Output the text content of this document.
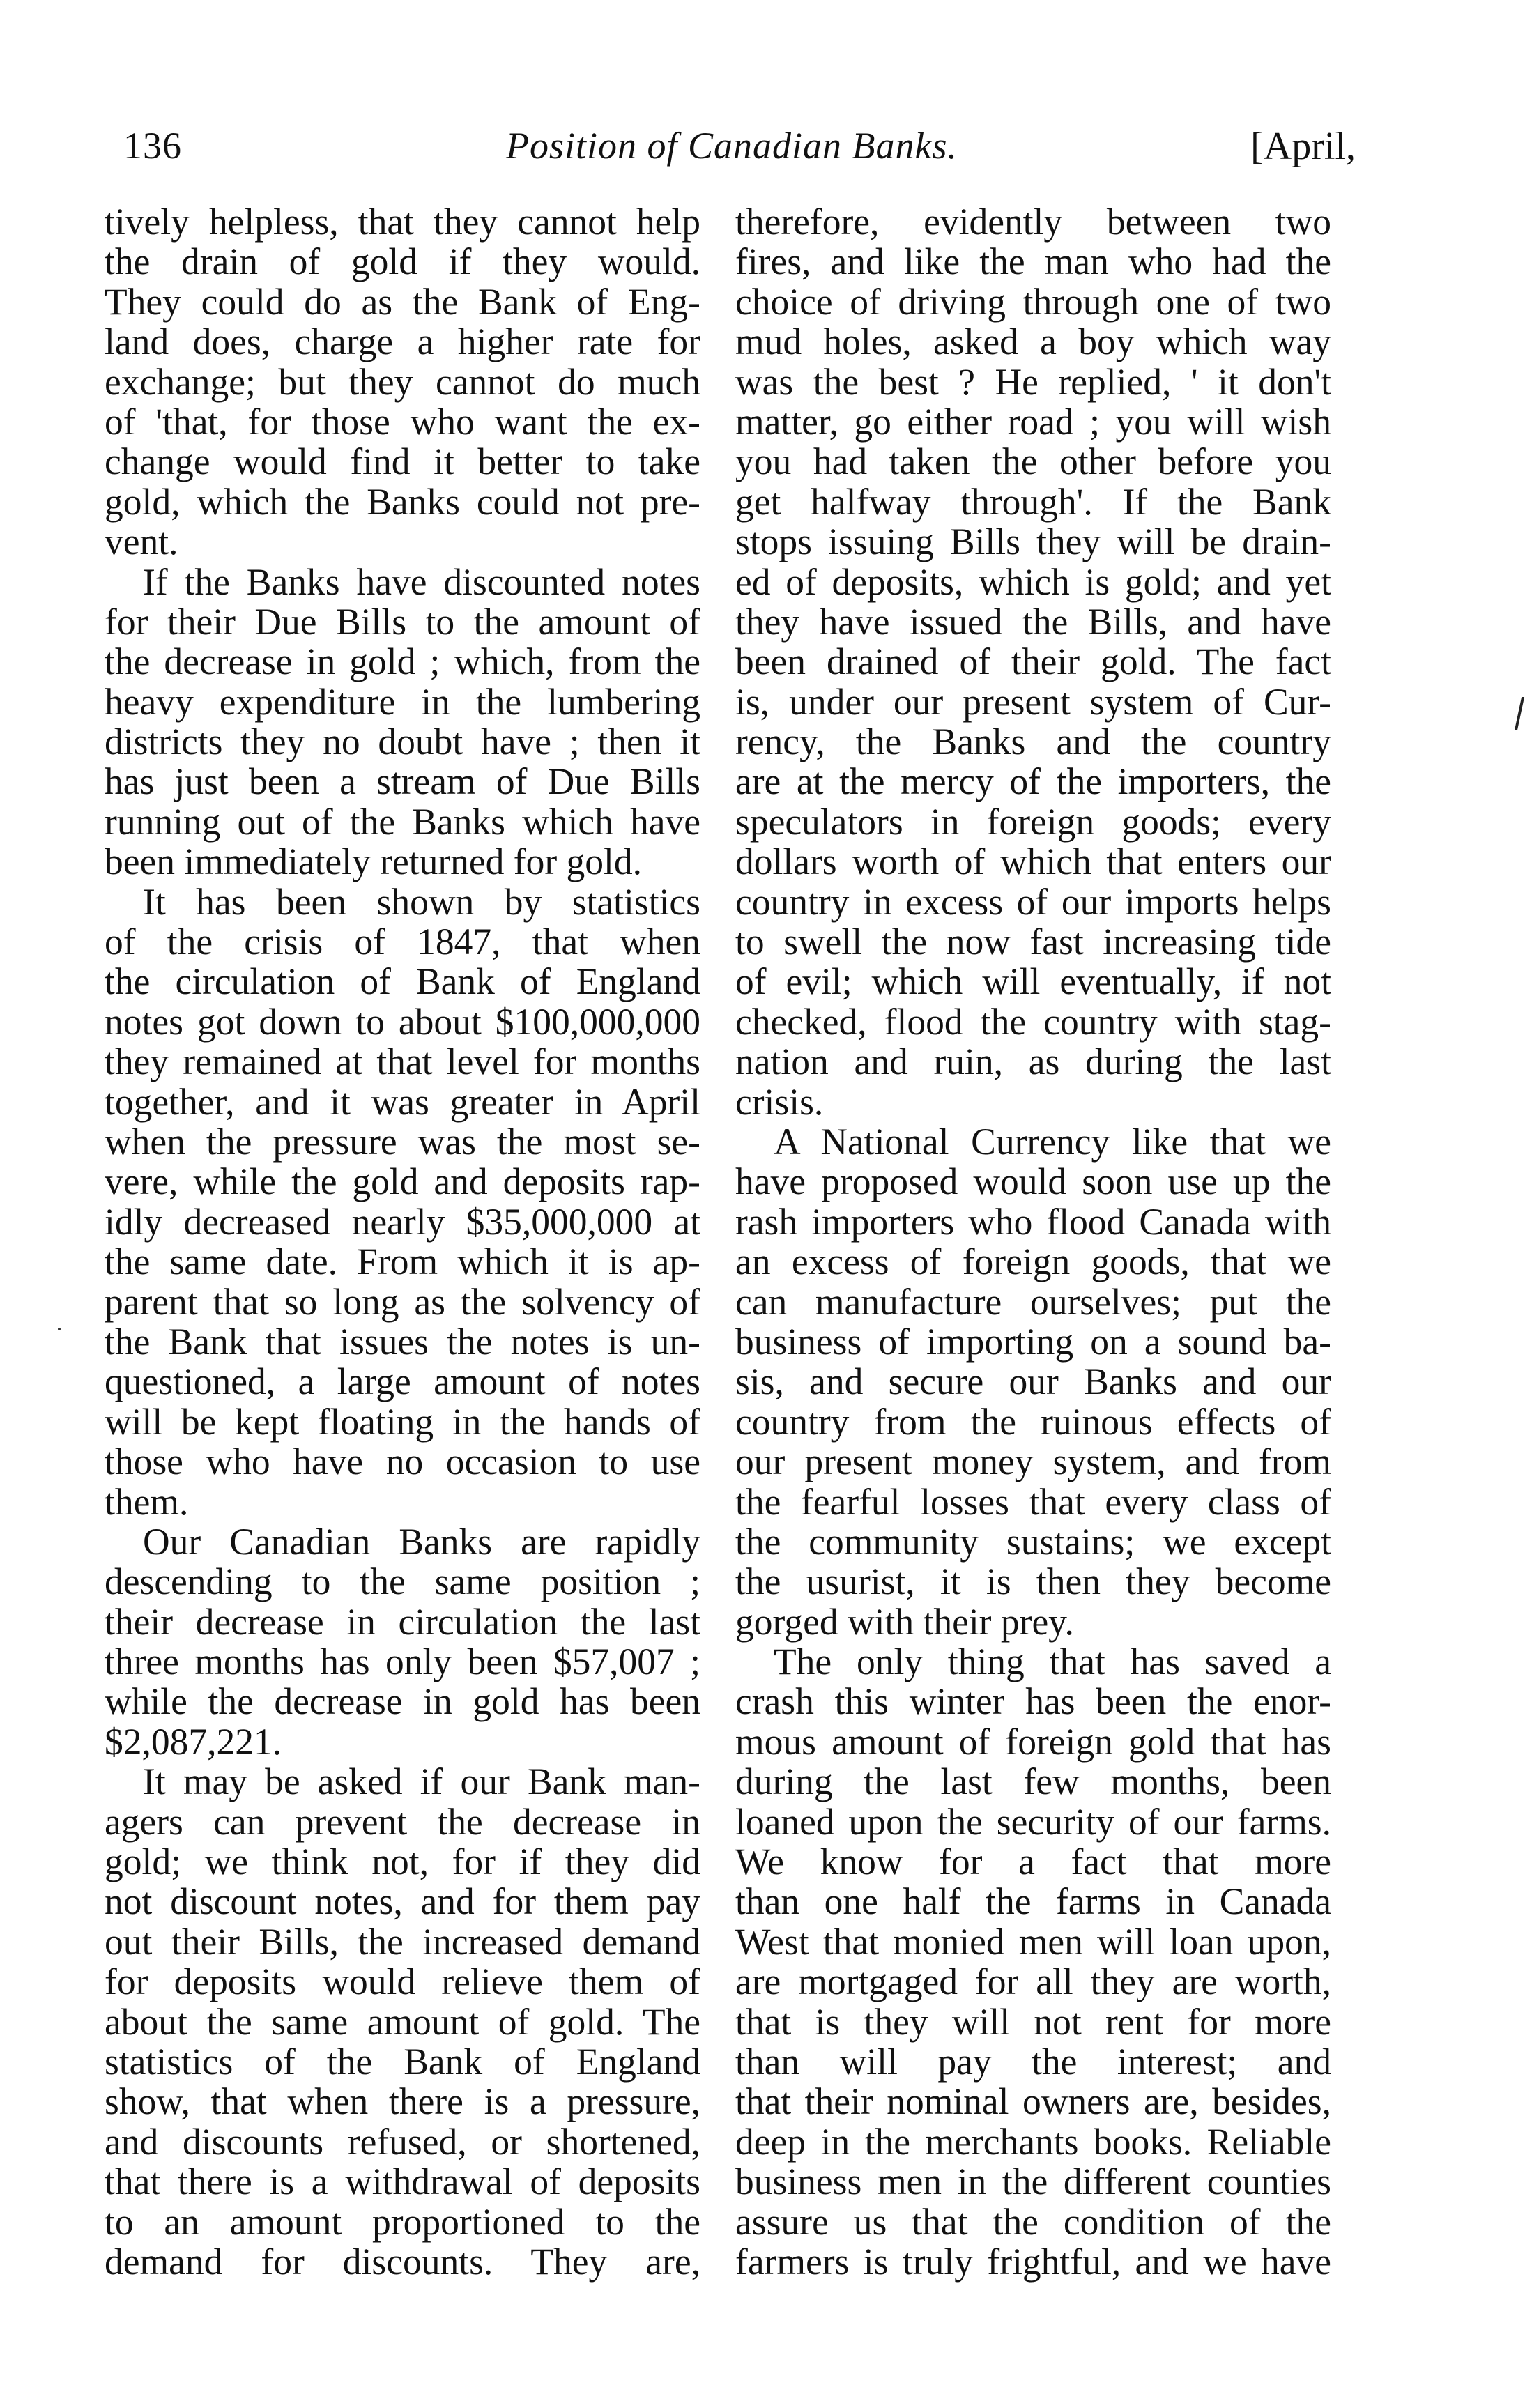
136	Position of Canadian Banks.	[April,
tively helpless, that they cannot help
the drain of gold if they would.
They could do as the Bank of Eng-
land does, charge a higher rate for
exchange; but they cannot do much
of 'that, for those who want the ex-
change would find it better to take
gold, which the Banks could not pre-
vent.
If the Banks have discounted notes
for their Due Bills to the amount of
the decrease in gold ; which, from the
heavy expenditure in the lumbering
districts they no doubt have ; then it
has just been a stream of Due Bills
running out of the Banks which have
been immediately returned for gold.
It has been shown by statistics
of the crisis of 1847, that when
the circulation of Bank of England
notes got down to about $100,000,000
they remained at that level for months
together, and it was greater in April
when the pressure was the most se-
vere, while the gold and deposits rap-
idly decreased nearly $35,000,000 at
the same date. From which it is ap-
parent that so long as the solvency of
the Bank that issues the notes is un-
questioned, a large amount of notes
will be kept floating in the hands of
those who have no occasion to use
them.
Our Canadian Banks are rapidly
descending to the same position ;
their decrease in circulation the last
three months has only been $57,007 ;
while the decrease in gold has been
$2,087,221.
It may be asked if our Bank man-
agers can prevent the decrease in
gold; we think not, for if they did
not discount notes, and for them pay
out their Bills, the increased demand
for deposits would relieve them of
about the same amount of gold. The
statistics of the Bank of England
show, that when there is a pressure,
and discounts refused, or shortened,
that there is a withdrawal of deposits
to an amount proportioned to the
demand for discounts. They are,
therefore, evidently between two
fires, and like the man who had the
choice of driving through one of two
mud holes, asked a boy which way
was the best ? He replied, ' it don't
matter, go either road ; you will wish
you had taken the other before you
get halfway through'. If the Bank
stops issuing Bills they will be drain-
ed of deposits, which is gold; and yet
they have issued the Bills, and have
been drained of their gold. The fact
is, under our present system of Cur-
rency, the Banks and the country
are at the mercy of the importers, the
speculators in foreign goods; every
dollars worth of which that enters our
country in excess of our imports helps
to swell the now fast increasing tide
of evil; which will eventually, if not
checked, flood the country with stag-
nation and ruin, as during the last
crisis.
A National Currency like that we
have proposed would soon use up the
rash importers who flood Canada with
an excess of foreign goods, that we
can manufacture ourselves; put the
business of importing on a sound ba-
sis, and secure our Banks and our
country from the ruinous effects of
our present money system, and from
the fearful losses that every class of
the community sustains; we except
the usurist, it is then they become
gorged with their prey.
The only thing that has saved a
crash this winter has been the enor-
mous amount of foreign gold that has
during the last few months, been
loaned upon the security of our farms.
We know for a fact that more
than one half the farms in Canada
West that monied men will loan upon,
are mortgaged for all they are worth,
that is they will not rent for more
than will pay the interest; and
that their nominal owners are, besides,
deep in the merchants books. Reliable
business men in the different counties
assure us that the condition of the
farmers is truly frightful, and we have
